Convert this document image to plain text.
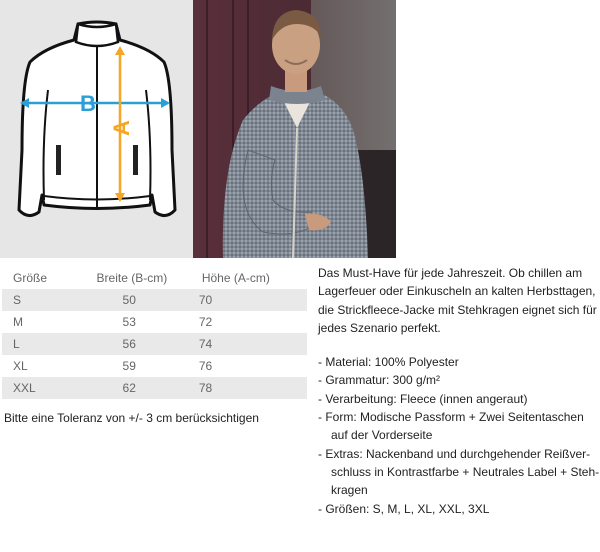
B
A
Größe	Breite (B-cm)	Höhe (A-cm)
S	50	70
M	53	72
L	56	74
XL	59	76
XXL	62	78
Bitte eine Toleranz von +/- 3 cm berücksichtigen

Das Must-Have für jede Jahreszeit. Ob chillen am Lagerfeuer oder Einkuscheln an kalten Herbsttagen, die Strickfleece-Jacke mit Stehkragen eignet sich für jedes Szenario perfekt.

- Material: 100% Polyester
- Grammatur: 300 g/m²
- Verarbeitung: Fleece (innen angeraut)
- Form: Modische Passform + Zwei Seitentaschen auf der Vorderseite
- Extras: Nackenband und durchgehender Reißver-schluss in Kontrastfarbe + Neutrales Label + Steh-kragen
- Größen: S, M, L, XL, XXL, 3XL
